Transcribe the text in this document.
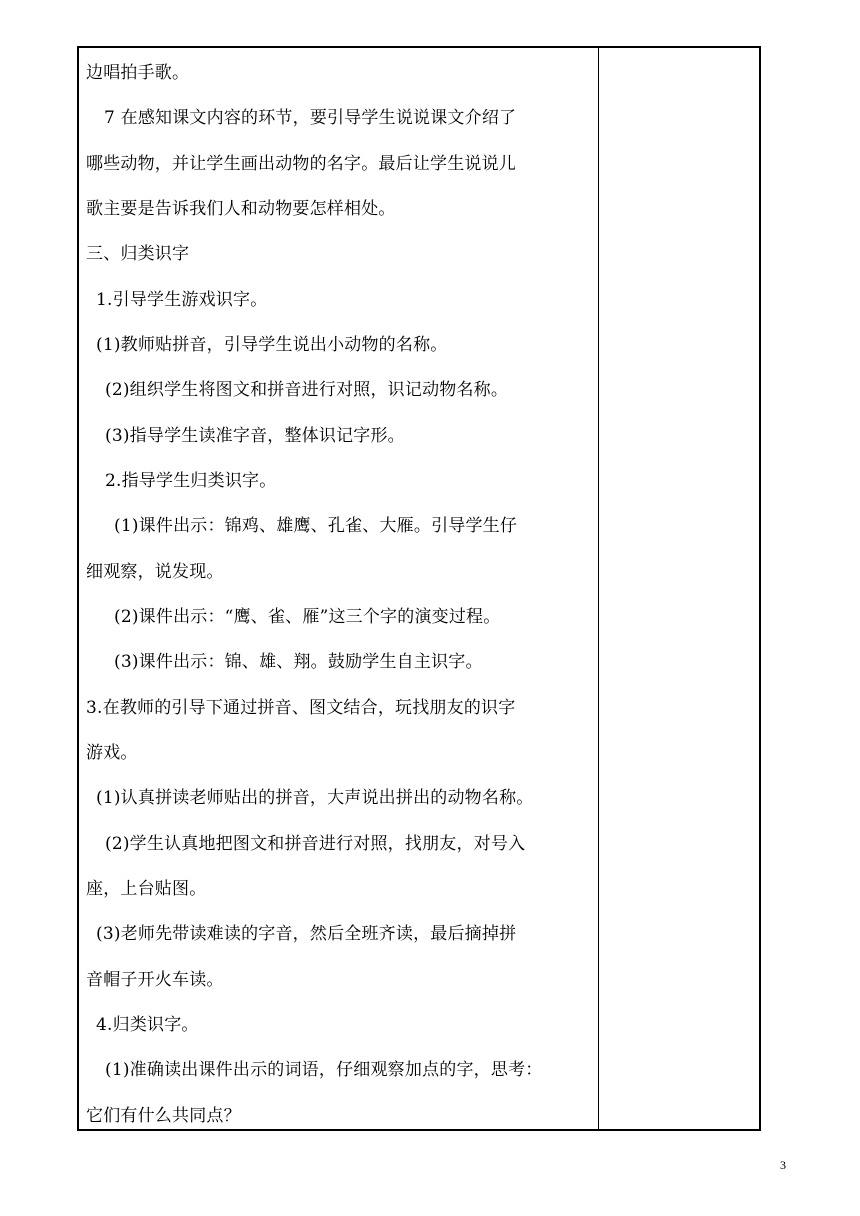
边唱拍手歌。
7 在感知课文内容的环节，要引导学生说说课文介绍了
哪些动物，并让学生画出动物的名字。最后让学生说说儿
歌主要是告诉我们人和动物要怎样相处。
三、归类识字
1.引导学生游戏识字。
(1)教师贴拼音，引导学生说出小动物的名称。
(2)组织学生将图文和拼音进行对照，识记动物名称。
(3)指导学生读准字音，整体识记字形。
2.指导学生归类识字。
(1)课件出示：锦鸡、雄鹰、孔雀、大雁。引导学生仔
细观察，说发现。
(2)课件出示：“鹰、雀、雁”这三个字的演变过程。
(3)课件出示：锦、雄、翔。鼓励学生自主识字。
3.在教师的引导下通过拼音、图文结合，玩找朋友的识字
游戏。
(1)认真拼读老师贴出的拼音，大声说出拼出的动物名称。
(2)学生认真地把图文和拼音进行对照，找朋友，对号入
座，上台贴图。
(3)老师先带读难读的字音，然后全班齐读，最后摘掉拼
音帽子开火车读。
4.归类识字。
(1)准确读出课件出示的词语，仔细观察加点的字，思考：
它们有什么共同点？
3
